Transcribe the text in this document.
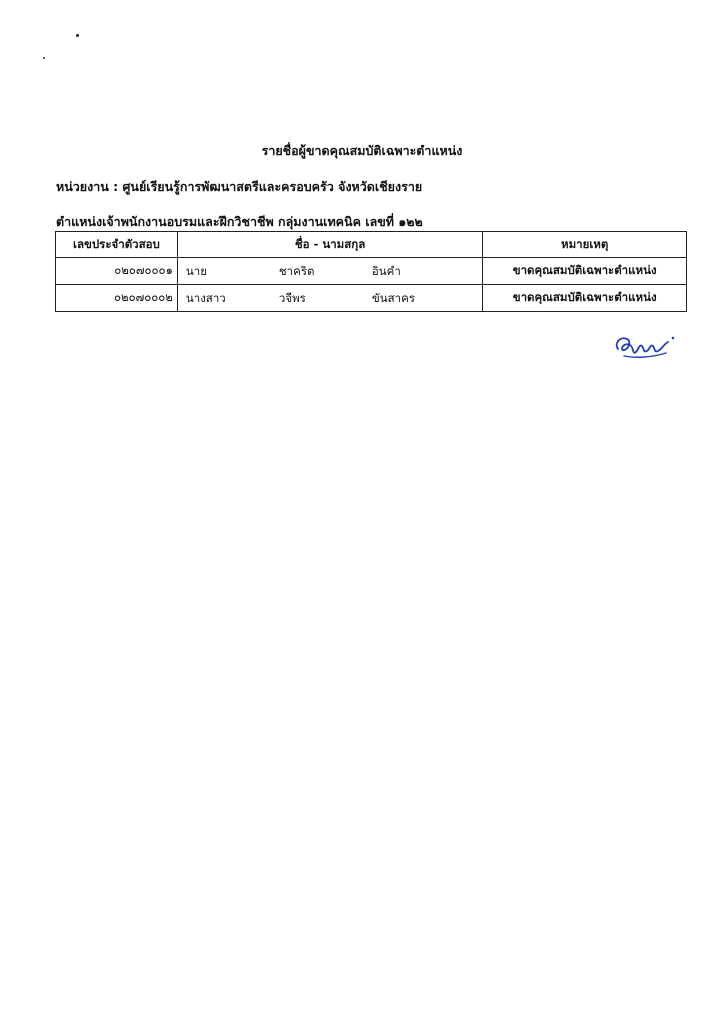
รายชื่อผู้ขาดคุณสมบัติเฉพาะตำแหน่ง
หน่วยงาน : ศูนย์เรียนรู้การพัฒนาสตรีและครอบครัว จังหวัดเชียงราย
ตำแหน่งเจ้าพนักงานอบรมและฝึกวิชาชีพ กลุ่มงานเทคนิค เลขที่ ๑๒๒
เลขประจำตัวสอบ	ชื่อ - นามสกุล	หมายเหตุ
๐๒๐๗๐๐๐๑	นาย ชาคริต อินคำ	ขาดคุณสมบัติเฉพาะตำแหน่ง
๐๒๐๗๐๐๐๒	นางสาว วจีพร ขันสาคร	ขาดคุณสมบัติเฉพาะตำแหน่ง
